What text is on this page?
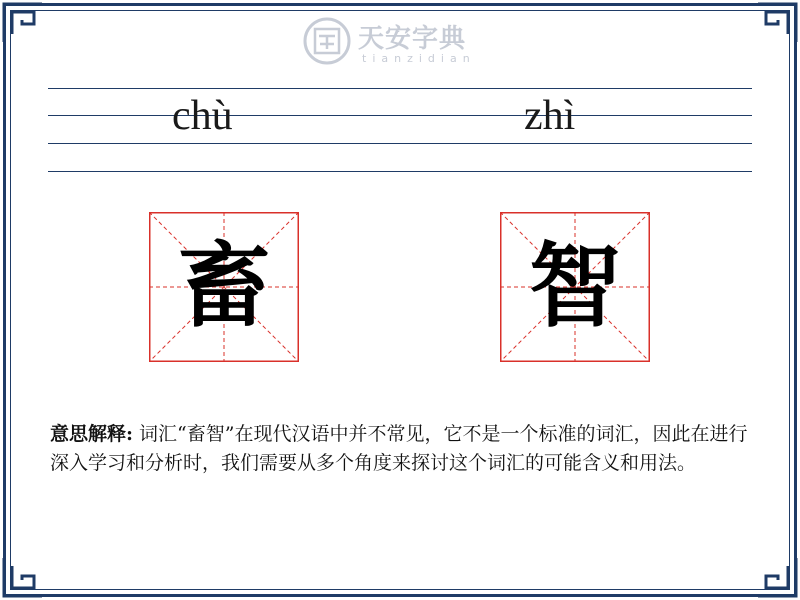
天安字典
tianzidian
chù	zhì
畜	智
意思解释: 词汇“畜智”在现代汉语中并不常见，它不是一个标准的词汇，因此在进行深入学习和分析时，我们需要从多个角度来探讨这个词汇的可能含义和用法。
